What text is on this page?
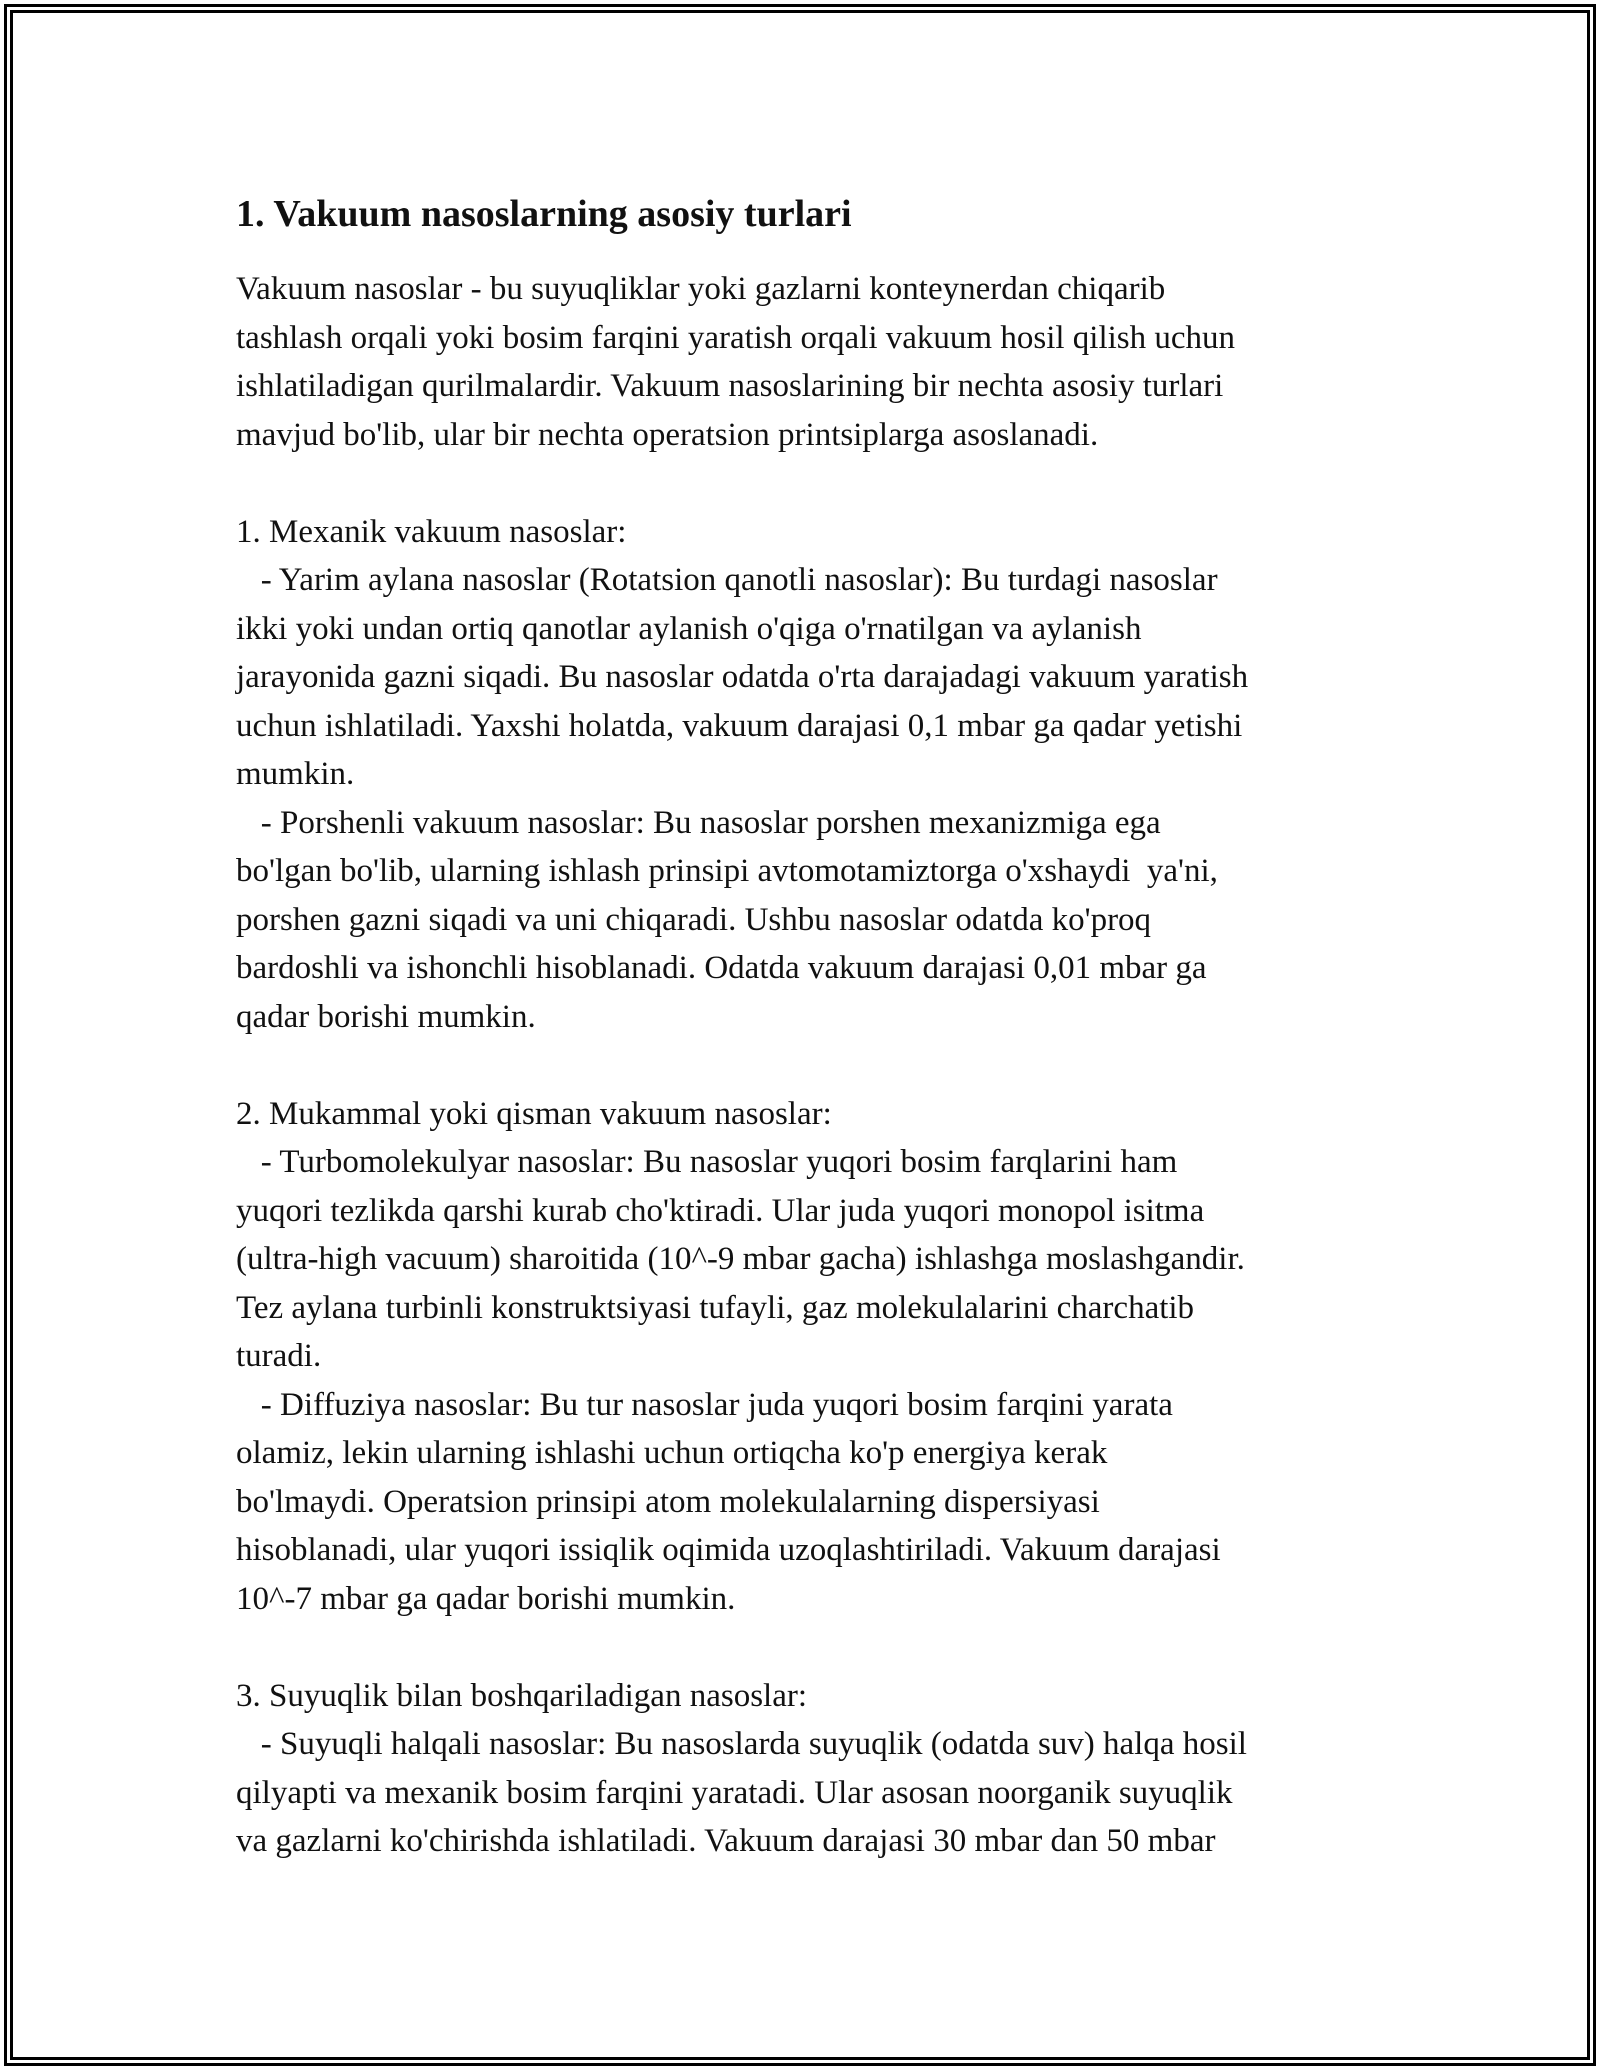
1. Vakuum nasoslarning asosiy turlari

Vakuum nasoslar - bu suyuqliklar yoki gazlarni konteynerdan chiqarib
tashlash orqali yoki bosim farqini yaratish orqali vakuum hosil qilish uchun
ishlatiladigan qurilmalardir. Vakuum nasoslarining bir nechta asosiy turlari
mavjud bo'lib, ular bir nechta operatsion printsiplarga asoslanadi.

1. Mexanik vakuum nasoslar:
- Yarim aylana nasoslar (Rotatsion qanotli nasoslar): Bu turdagi nasoslar
ikki yoki undan ortiq qanotlar aylanish o'qiga o'rnatilgan va aylanish
jarayonida gazni siqadi. Bu nasoslar odatda o'rta darajadagi vakuum yaratish
uchun ishlatiladi. Yaxshi holatda, vakuum darajasi 0,1 mbar ga qadar yetishi
mumkin.
- Porshenli vakuum nasoslar: Bu nasoslar porshen mexanizmiga ega
bo'lgan bo'lib, ularning ishlash prinsipi avtomotamiztorga o'xshaydi  ya'ni,
porshen gazni siqadi va uni chiqaradi. Ushbu nasoslar odatda ko'proq
bardoshli va ishonchli hisoblanadi. Odatda vakuum darajasi 0,01 mbar ga
qadar borishi mumkin.

2. Mukammal yoki qisman vakuum nasoslar:
- Turbomolekulyar nasoslar: Bu nasoslar yuqori bosim farqlarini ham
yuqori tezlikda qarshi kurab cho'ktiradi. Ular juda yuqori monopol isitma
(ultra-high vacuum) sharoitida (10^-9 mbar gacha) ishlashga moslashgandir.
Tez aylana turbinli konstruktsiyasi tufayli, gaz molekulalarini charchatib
turadi.
- Diffuziya nasoslar: Bu tur nasoslar juda yuqori bosim farqini yarata
olamiz, lekin ularning ishlashi uchun ortiqcha ko'p energiya kerak
bo'lmaydi. Operatsion prinsipi atom molekulalarning dispersiyasi
hisoblanadi, ular yuqori issiqlik oqimida uzoqlashtiriladi. Vakuum darajasi
10^-7 mbar ga qadar borishi mumkin.

3. Suyuqlik bilan boshqariladigan nasoslar:
- Suyuqli halqali nasoslar: Bu nasoslarda suyuqlik (odatda suv) halqa hosil
qilyapti va mexanik bosim farqini yaratadi. Ular asosan noorganik suyuqlik
va gazlarni ko'chirishda ishlatiladi. Vakuum darajasi 30 mbar dan 50 mbar
